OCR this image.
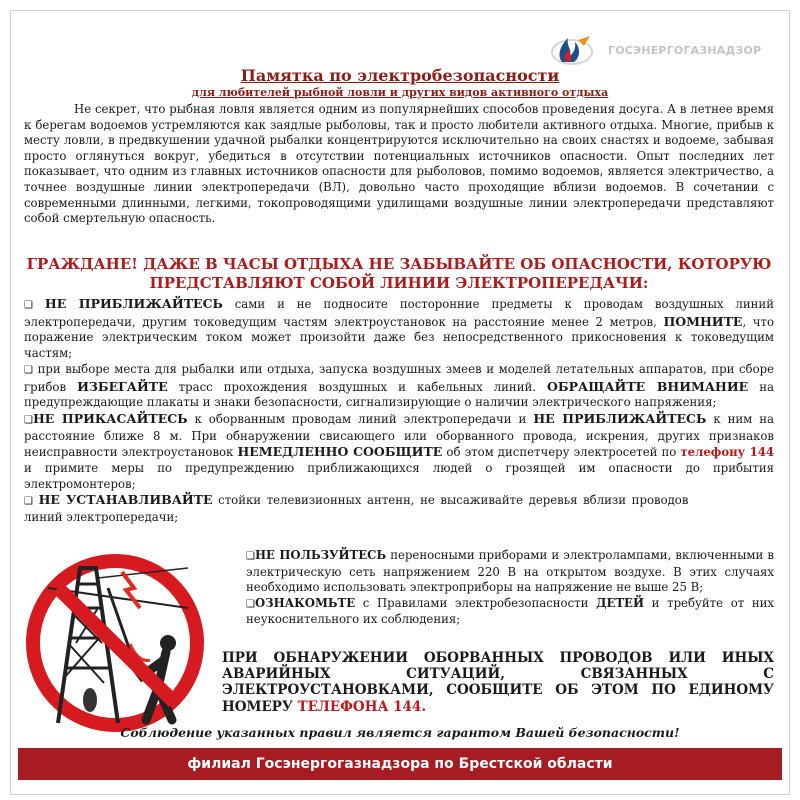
ГОСЭНЕРГОГАЗНАДЗОР
Памятка по электробезопасности
для любителей рыбной ловли и других видов активного отдыха

Не секрет, что рыбная ловля является одним из популярнейших способов проведения досуга. А в летнее время к берегам водоемов устремляются как заядлые рыболовы, так и просто любители активного отдыха. Многие, прибыв к месту ловли, в предвкушении удачной рыбалки концентрируются исключительно на своих снастях и водоеме, забывая просто оглянуться вокруг, убедиться в отсутствии потенциальных источников опасности. Опыт последних лет показывает, что одним из главных источников опасности для рыболовов, помимо водоемов, является электричество, а точнее воздушные линии электропередачи (ВЛ), довольно часто проходящие вблизи водоемов. В сочетании с современными длинными, легкими, токопроводящими удилищами воздушные линии электропередачи представляют собой смертельную опасность.

ГРАЖДАНЕ! ДАЖЕ В ЧАСЫ ОТДЫХА НЕ ЗАБЫВАЙТЕ ОБ ОПАСНОСТИ, КОТОРУЮ ПРЕДСТАВЛЯЮТ СОБОЙ ЛИНИИ ЭЛЕКТРОПЕРЕДАЧИ:

❑ НЕ ПРИБЛИЖАЙТЕСЬ сами и не подносите посторонние предметы к проводам воздушных линий электропередачи, другим токоведущим частям электроустановок на расстояние менее 2 метров, ПОМНИТЕ, что поражение электрическим током может произойти даже без непосредственного прикосновения к токоведущим частям;

❑ при выборе места для рыбалки или отдыха, запуска воздушных змеев и моделей летательных аппаратов, при сборе грибов ИЗБЕГАЙТЕ трасс прохождения воздушных и кабельных линий. ОБРАЩАЙТЕ ВНИМАНИЕ на предупреждающие плакаты и знаки безопасности, сигнализирующие о наличии электрического напряжения;

❑НЕ ПРИКАСАЙТЕСЬ к оборванным проводам линий электропередачи и НЕ ПРИБЛИЖАЙТЕСЬ к ним на расстояние ближе 8 м. При обнаружении свисающего или оборванного провода, искрения, других признаков неисправности электроустановок НЕМЕДЛЕННО СООБЩИТЕ об этом диспетчеру электросетей по телефону 144 и примите меры по предупреждению приближающихся людей о грозящей им опасности до прибытия электромонтеров;

❑ НЕ УСТАНАВЛИВАЙТЕ стойки телевизионных антенн, не высаживайте деревья вблизи проводов линий электропередачи;

❑НЕ ПОЛЬЗУЙТЕСЬ переносными приборами и электролампами, включенными в электрическую сеть напряжением 220 В на открытом воздухе. В этих случаях необходимо использовать электроприборы на напряжение не выше 25 В;

❑ОЗНАКОМЬТЕ с Правилами электробезопасности ДЕТЕЙ и требуйте от них неукоснительного их соблюдения;

ПРИ ОБНАРУЖЕНИИ ОБОРВАННЫХ ПРОВОДОВ ИЛИ ИНЫХ АВАРИЙНЫХ СИТУАЦИЙ, СВЯЗАННЫХ С ЭЛЕКТРОУСТАНОВКАМИ, СООБЩИТЕ ОБ ЭТОМ ПО ЕДИНОМУ НОМЕРУ ТЕЛЕФОНА 144.

Соблюдение указанных правил является гарантом Вашей безопасности!
филиал Госэнергогазнадзора по Брестской области
